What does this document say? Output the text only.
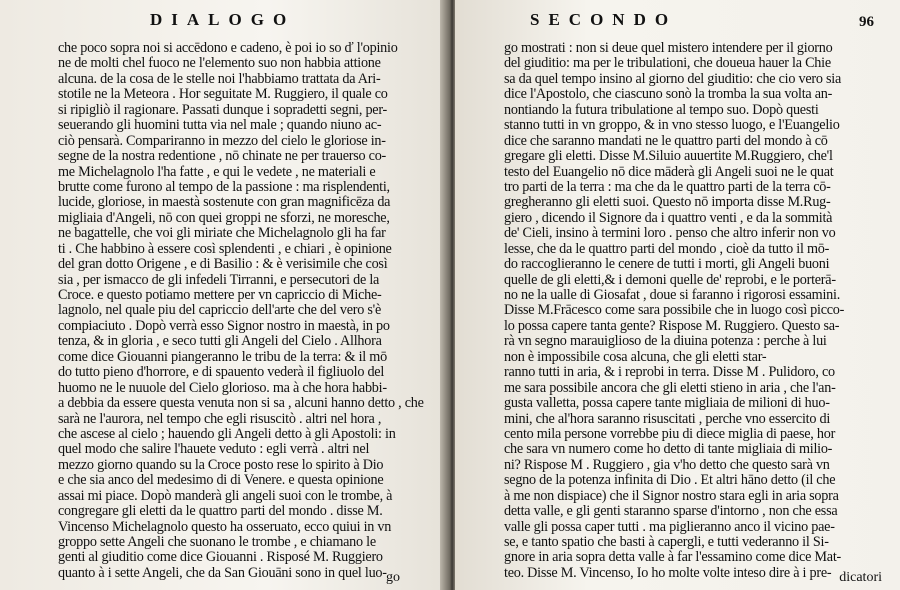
DIALOGO
che poco sopra noi si accēdono e cadeno, è poi io so ď l'opinio
ne de molti chel fuoco ne l'elemento suo non habbia attione
alcuna. de la cosa de le stelle noi l'habbiamo trattata da Ari-
stotile ne la Meteora . Hor seguitate M. Ruggiero, il quale co
si ripigliò il ragionare. Passati dunque i sopradetti segni, per-
seuerando gli huomini tutta via nel male ; quando niuno ac-
ciò pensarà. Compariranno in mezzo del cielo le gloriose in-
segne de la nostra redentione , nō chinate ne per trauerso co-
me Michelagnolo l'ha fatte , e qui le vedete , ne materiali e
brutte come furono al tempo de la passione : ma risplendenti,
lucide, gloriose, in maestà sostenute con gran magnificēza da
migliaia d'Angeli, nō con quei groppi ne sforzi, ne moresche,
ne bagattelle, che voi gli miriate che Michelagnolo gli ha far
ti . Che habbino à essere così splendenti , e chiari , è opinione
del gran dotto Origene , e di Basilio : & è verisimile che così
sia , per ismacco de gli infedeli Tirranni, e persecutori de la
Croce. e questo potiamo mettere per vn capriccio di Miche-
lagnolo, nel quale piu del capriccio dell'arte che del vero s'è
compiaciuto . Dopò verrà esso Signor nostro in maestà, in po
tenza, & in gloria , e seco tutti gli Angeli del Cielo . Allhora
come dice Giouanni piangeranno le tribu de la terra: & il mō
do tutto pieno d'horrore, e di spauento vederà il figliuolo del
huomo ne le nuuole del Cielo glorioso. ma à che hora habbi-
a debbia da essere questa venuta non si sa , alcuni hanno detto , che
sarà ne l'aurora, nel tempo che egli risuscitò . altri nel hora ,
che ascese al cielo ; hauendo gli Angeli detto à gli Apostoli: in
quel modo che salire l'hauete veduto : egli verrà . altri nel
mezzo giorno quando su la Croce posto rese lo spirito à Dio
e che sia anco del medesimo di di Venere. e questa opinione
assai mi piace. Dopò manderà gli angeli suoi con le trombe, à
congregare gli eletti da le quattro parti del mondo . disse M.
Vincenso Michelagnolo questo ha osseruato, ecco quiui in vn
groppo sette Angeli che suonano le trombe , e chiamano le
genti al giuditio come dice Giouanni . Risposé M. Ruggiero
quanto à i sette Angeli, che da San Giouāni sono in quel luo- go
SECONDO	96
go mostrati : non si deue quel mistero intendere per il giorno
del giuditio: ma per le tribulationi, che doueua hauer la Chie
sa da quel tempo insino al giorno del giuditio: che cio vero sia
dice l'Apostolo, che ciascuno sonò la tromba la sua volta an-
nontiando la futura tribulatione al tempo suo. Dopò questi
stanno tutti in vn groppo, & in vno stesso luogo, e l'Euangelio
dice che saranno mandati ne le quattro parti del mondo à cō
gregare gli eletti. Disse M.Siluio auuertite M.Ruggiero, che'l
testo del Euangelio nō dice māderà gli Angeli suoi ne le quat
tro parti de la terra : ma che da le quattro parti de la terra cō-
gregheranno gli eletti suoi. Questo nō importa disse M.Rug-
giero , dicendo il Signore da i quattro venti , e da la sommità
de' Cieli, insino à termini loro . penso che altro inferir non vo
lesse, che da le quattro parti del mondo , cioè da tutto il mō-
do raccoglieranno le cenere de tutti i morti, gli Angeli buoni
quelle de gli eletti,& i demoni quelle de' reprobi, e le porterā-
no ne la ualle di Giosafat , doue si faranno i rigorosi essamini.
Disse M.Frācesco come sara possibile che in luogo così picco-
lo possa capere tanta gente? Rispose M. Ruggiero. Questo sa-
rà vn segno marauiglioso de la diuina potenza : perche à lui
non è impossibile cosa alcuna, che gli eletti star-
ranno tutti in aria, & i reprobi in terra. Disse M . Pulidoro, co
me sara possibile ancora che gli eletti stieno in aria , che l'an-
gusta valletta, possa capere tante migliaia de milioni di huo-
mini, che al'hora saranno risuscitati , perche vno essercito di
cento mila persone vorrebbe piu di diece miglia di paese, hor
che sara vn numero come ho detto di tante migliaia di milio-
ni? Rispose M . Ruggiero , gia v'ho detto che questo sarà vn
segno de la potenza infinita di Dio . Et altri hāno detto (il che
à me non dispiace) che il Signor nostro stara egli in aria sopra
detta valle, e gli genti staranno sparse d'intorno , non che essa
valle gli possa caper tutti . ma piglieranno anco il vicino pae-
se, e tanto spatio che basti à capergli, e tutti vederanno il Si-
gnore in aria sopra detta valle à far l'essamino come dice Mat-
teo. Disse M. Vincenso, Io ho molte volte inteso dire à i pre- dicatori
